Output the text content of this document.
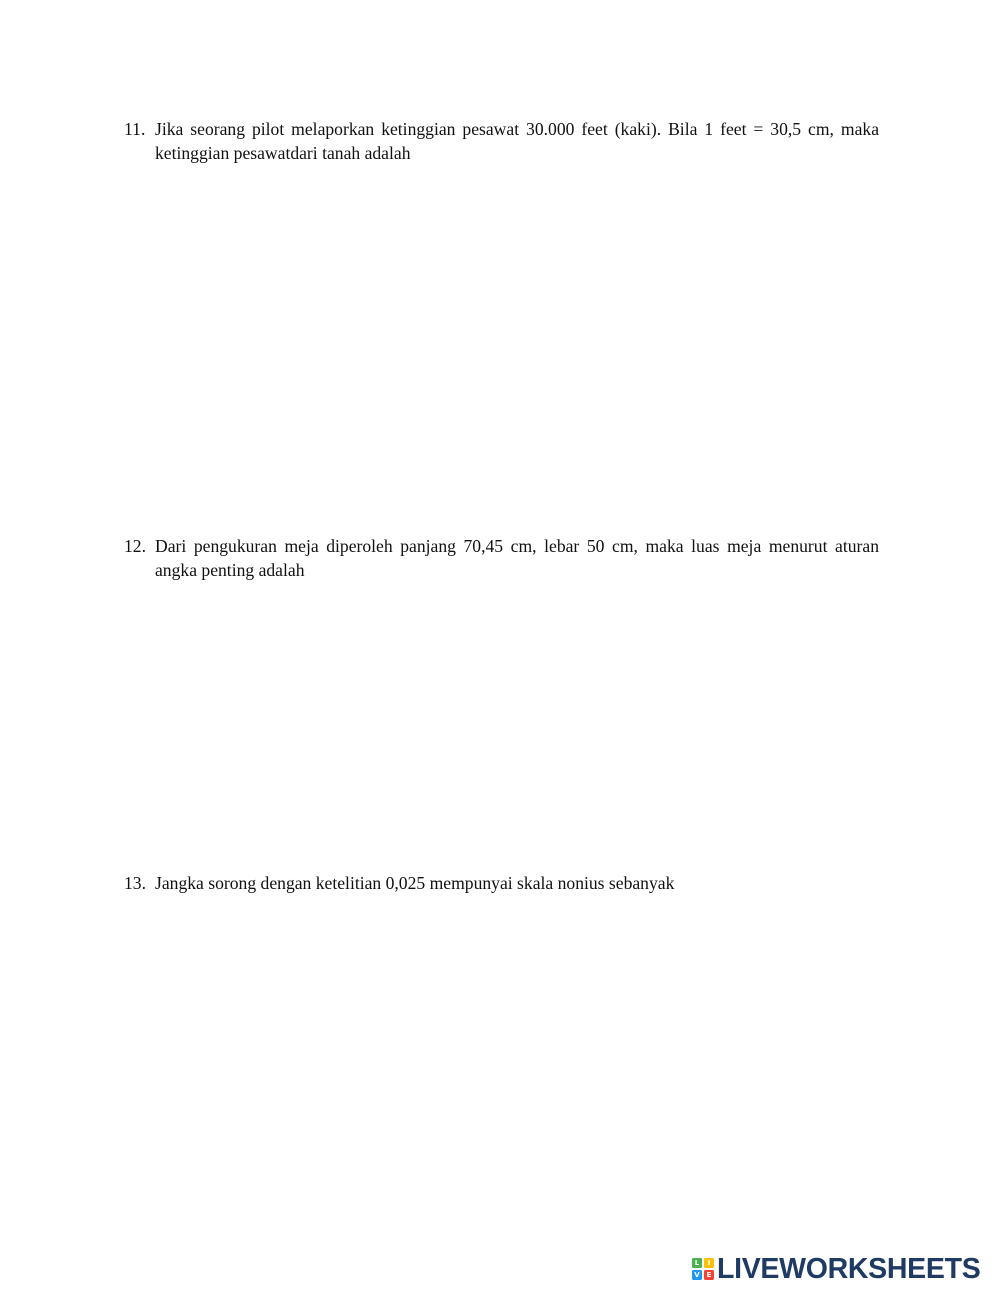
11. Jika seorang pilot melaporkan ketinggian pesawat 30.000 feet (kaki). Bila 1 feet = 30,5 cm, maka ketinggian pesawatdari tanah adalah
12. Dari pengukuran meja diperoleh panjang 70,45 cm, lebar 50 cm, maka luas meja menurut aturan angka penting adalah
13. Jangka sorong dengan ketelitian 0,025 mempunyai skala nonius sebanyak
L	I
V E LIVEWORKSHEETS
